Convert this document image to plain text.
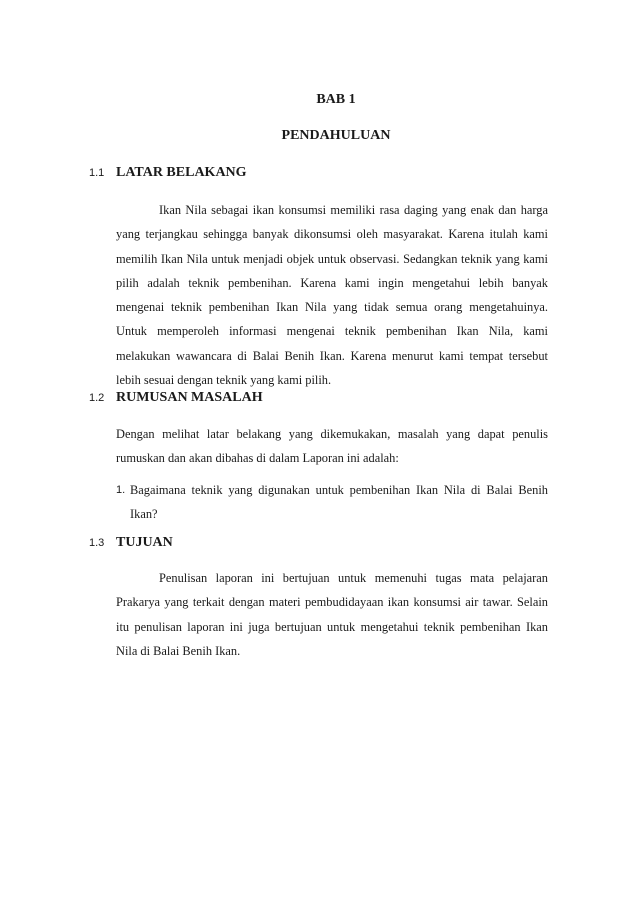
BAB 1
PENDAHULUAN
1.1 LATAR BELAKANG

Ikan Nila sebagai ikan konsumsi memiliki rasa daging yang enak dan harga yang terjangkau sehingga banyak dikonsumsi oleh masyarakat. Karena itulah kami memilih Ikan Nila untuk menjadi objek untuk observasi. Sedangkan teknik yang kami pilih adalah teknik pembenihan. Karena kami ingin mengetahui lebih banyak mengenai teknik pembenihan Ikan Nila yang tidak semua orang mengetahuinya. Untuk memperoleh informasi mengenai teknik pembenihan Ikan Nila, kami melakukan wawancara di Balai Benih Ikan. Karena menurut kami tempat tersebut lebih sesuai dengan teknik yang kami pilih.

1.2 RUMUSAN MASALAH

Dengan melihat latar belakang yang dikemukakan, masalah yang dapat penulis rumuskan dan akan dibahas di dalam Laporan ini adalah:

1. Bagaimana teknik yang digunakan untuk pembenihan Ikan Nila di Balai Benih Ikan?
1.3 TUJUAN

Penulisan laporan ini bertujuan untuk memenuhi tugas mata pelajaran Prakarya yang terkait dengan materi pembudidayaan ikan konsumsi air tawar. Selain itu penulisan laporan ini juga bertujuan untuk mengetahui teknik pembenihan Ikan Nila di Balai Benih Ikan.
